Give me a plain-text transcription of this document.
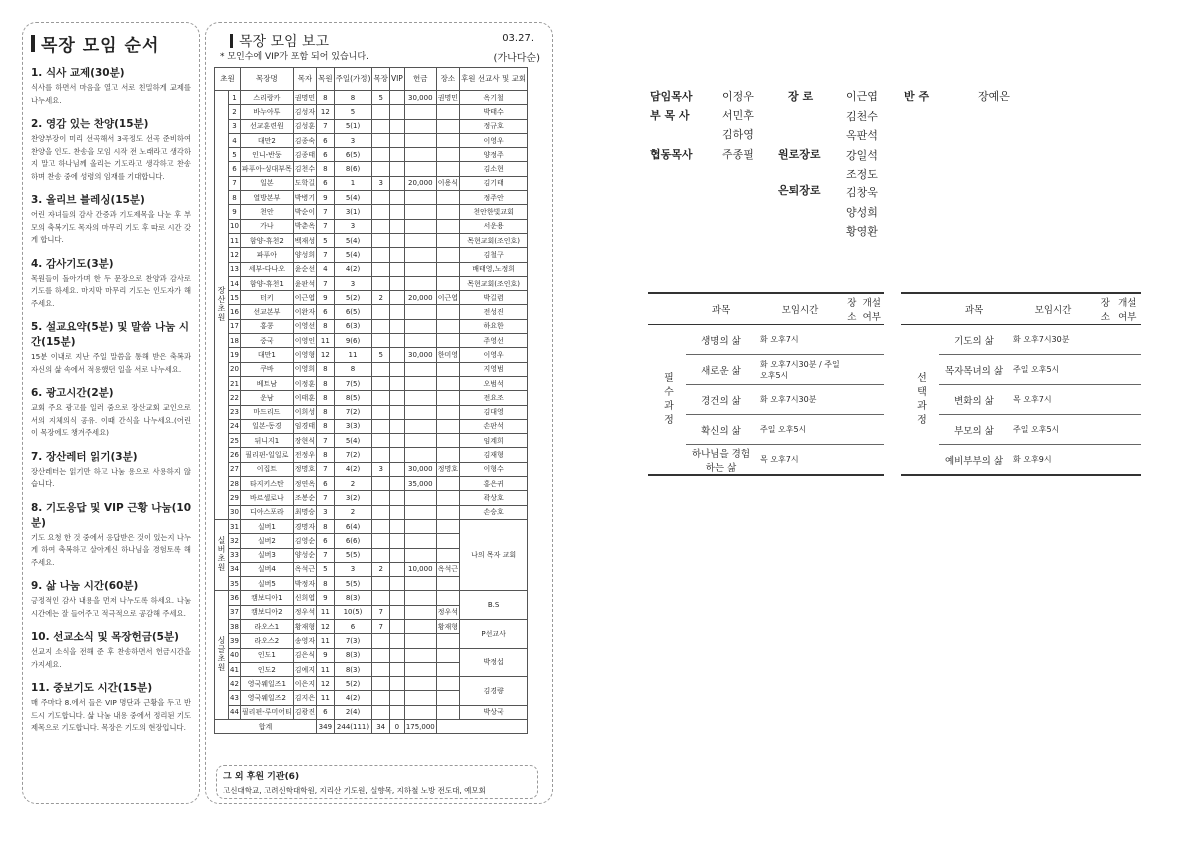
목장 모임 순서
1. 식사 교제(30분)

식사를 하면서 마음을 열고 서로 친밀하게 교제를 나누세요.

2. 영감 있는 찬양(15분)

찬양부장이 미리 선곡해서 3곡정도 선곡 준비하여 찬양을 인도. 찬송을 모임 시작 전 노래라고 생각하지 말고 하나님께 올리는 기도라고 생각하고 찬송하며 찬송 중에 성령의 임재를 기대합니다.

3. 올리브 블레싱(15분)

어린 자녀들의 감사 간증과 기도제목을 나눈 후 부모의 축복기도 목자의 마무리 기도 후 따로 시간 갖게 합니다.

4. 감사기도(3분)

목원들이 돌아가며 한 두 문장으로 찬양과 감사로 기도를 하세요. 마지막 마무리 기도는 인도자가 해주세요.

5. 설교요약(5분) 및 말씀 나눔 시간(15분)

15분 이내로 지난 주일 말씀을 통해 받은 축복과 자신의 삶 속에서 적용했던 일을 서로 나누세요.

6. 광고시간(2분)

교회 주요 광고를 일러 줌으로 장산교회 교인으로서의 지체의식 공유. 이때 간식을 나누세요.(어린이 목장에도 챙겨주세요)

7. 장산레터 읽기(3분)

장산레터는 읽기만 하고 나눔 용으로 사용하지 않습니다.

8. 기도응답 및 VIP 근황 나눔(10분)

기도 요청 한 것 중에서 응답받은 것이 있는지 나누게 하여 축복하고 살아계신 하나님을 경험토록 해주세요.

9. 삶 나눔 시간(60분)

긍정적인 감사 내용을 먼저 나누도록 하세요. 나눔 시간에는 잘 들어주고 적극적으로 공감해 주세요.

10. 선교소식 및 목장헌금(5분)

선교지 소식을 전해 준 후 찬송하면서 헌금시간을 가지세요.

11. 중보기도 시간(15분)

매 주마다 8.에서 들은 VIP 명단과 근황을 두고 반드시 기도합니다. 삶 나눔 내용 중에서 정리된 기도제목으로 기도합니다. 목장은 기도의 현장입니다.

목장 모임 보고	03.27.
* 모인수에 VIP가 포함 되어 있습니다.	(가나다순)
초원		목장명	목자	목원	주일(가정)	목장	VIP	헌금	장소	후원 선교사 및 교회
장산초원	1	스리랑카	권명민	8	8	5		30,000	권명민	옥기철
	2	바누아투	김성자	12	5					박태수
	3	선교훈련원	김성훈	7	5(1)					정규호
	4	대만2	김종숙	6	3					이영우
	5	인니-반둥	김종태	6	6(5)					양정주
	6	파푸아-싱대부목	김천수	8	8(6)					김소현
	7	일본	도학길	6	1	3		20,000	이용식	김기태
	8	열방본부	박병기	9	5(4)					정주안
	9	천안	박순이	7	3(1)					천안한빛교회
	10	가나	박춘옥	7	3					서운용
	11	함양-휴천2	백재성	5	5(4)					목현교회(조인호)
	12	파푸아	양성희	7	5(4)					김철구
	13	세부-다나오	윤순선	4	4(2)					배태영,노정희
	14	함양-휴천1	윤판석	7	3					목현교회(조인호)
	15	터키	이근엽	9	5(2)	2		20,000	이근엽	박길렴
	16	선교본부	이완자	6	6(5)					전성진
	17	홍콩	이영선	8	6(3)					하요한
	18	중국	이영인	11	9(6)					주영선
	19	대만1	이영형	12	11	5		30,000	한미영	이영우
	20	쿠바	이영희	8	8					지영범
	21	베트남	이정훈	8	7(5)					오범석
	22	운남	이태훈	8	8(5)					전요조
	23	마드리드	이희성	8	7(2)					김대영
	24	일본-동경	임경태	8	3(3)					손판석
	25	뒤니지1	장현식	7	5(4)					임계희
	26	필리핀-일일로	전정우	8	7(2)					김재형
	27	이집트	정명호	7	4(2)	3		30,000	정명호	이형수
	28	타지키스탄	정연옥	6	2			35,000		홍은귀
	29	바르셀로나	조봉순	7	3(2)					곽상호
	30	디아스포라	최명승	3	2					손승호
실버초원	31	실버1	경명자	8	6(4)					나의 목자 교회
	32	실버2	김영순	6	6(6)					
	33	실버3	양성순	7	5(5)					
	34	실버4	옥석근	5	3	2		10,000	옥석근	
	35	실버5	박정자	8	5(5)					
싱글초원	36	캠보디아1	신희엽	9	8(3)					B.S
	37	캠보디아2	정우석	11	10(5)	7			정우석	
	38	라오스1	황재형	12	6	7			황재형	P선교사
	39	라오스2	송영자	11	7(3)					
	40	인도1	김은식	9	8(3)					박정섭
	41	인도2	김예지	11	8(3)					
	42	영국웨일즈1	이은지	12	5(2)					김경량
	43	영국웨일즈2	김지은	11	4(2)					
	44	필리핀-루미어티	김광진	6	2(4)					박상국
합계				349	244(111)	34	0	175,000		
그 외 후원 기관(6)
고신대학교, 고려신학대학원, 지리산 기도원, 실향목, 지하철 노방 전도대, 예모회
담임목사	이정우
부 목 사	서민후
김하영
협동목사	주종필
장 로	이근엽
김천수
옥판석
강일석
조정도
원로장로
은퇴장로 김창욱
양성희
황영환
반 주	장예은
	과목	모임시간	장소	개설여부
필수과정	생명의 삶	화 오후7시		
	새로운 삶	화 오후7시30분 / 주일 오후5시		
	경건의 삶	화 오후7시30분		
	확신의 삶	주일 오후5시		
	하나님을 경험하는 삶	목 오후7시		
	과목	모임시간	장소	개설여부
선택과정	기도의 삶	화 오후7시30분		
	목자목녀의 삶	주일 오후5시		
	변화의 삶	목 오후7시		
	부모의 삶	주일 오후5시		
	예비부부의 삶	화 오후9시		
